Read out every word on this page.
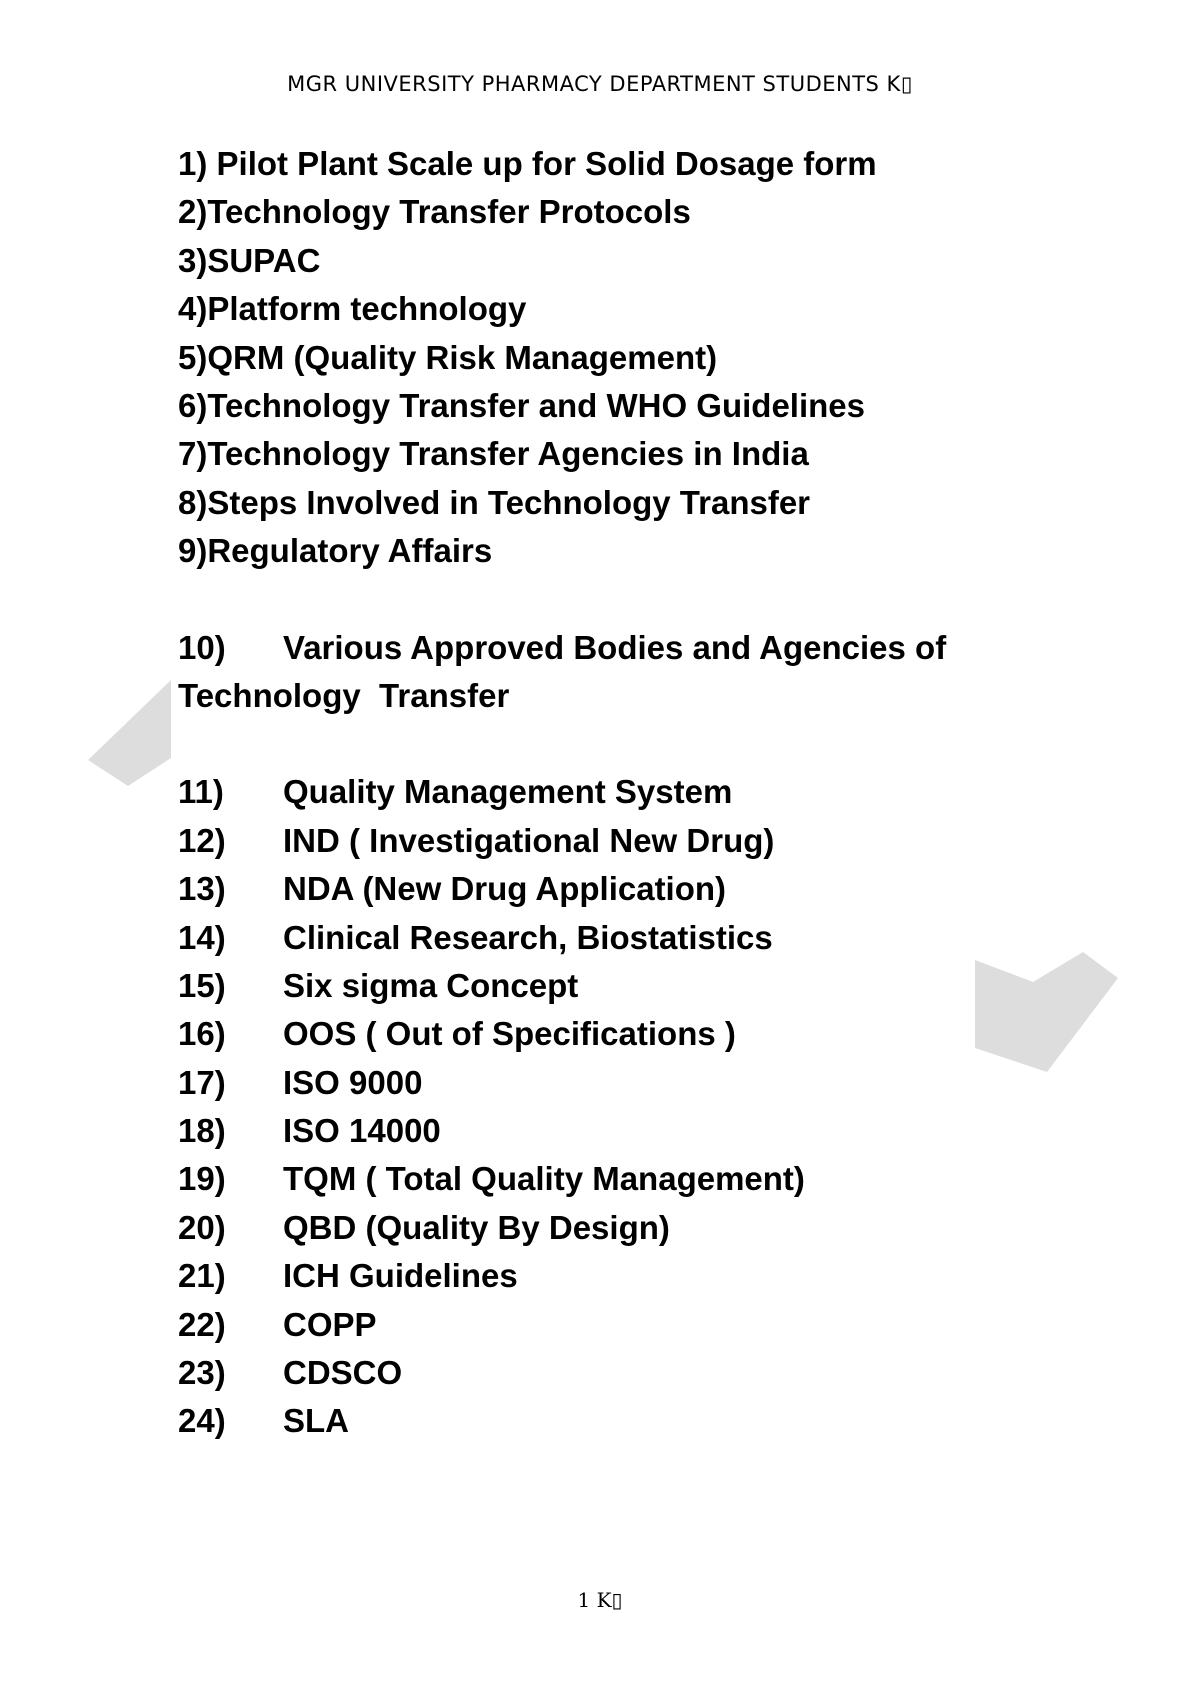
MGR UNIVERSITY PHARMACY DEPARTMENT STUDENTS K▯
1) Pilot Plant Scale up for Solid Dosage form
2)Technology Transfer Protocols
3)SUPAC
4)Platform technology
5)QRM (Quality Risk Management)
6)Technology Transfer and WHO Guidelines
7)Technology Transfer Agencies in India
8)Steps Involved in Technology Transfer
9)Regulatory Affairs
10) Various Approved Bodies and Agencies of Technology  Transfer
11) Quality Management System
12) IND ( Investigational New Drug)
13) NDA (New Drug Application)
14) Clinical Research, Biostatistics
15) Six sigma Concept
16) OOS ( Out of Specifications )
17) ISO 9000
18) ISO 14000
19) TQM ( Total Quality Management)
20) QBD (Quality By Design)
21) ICH Guidelines
22) COPP
23) CDSCO
24) SLA
1 K▯
